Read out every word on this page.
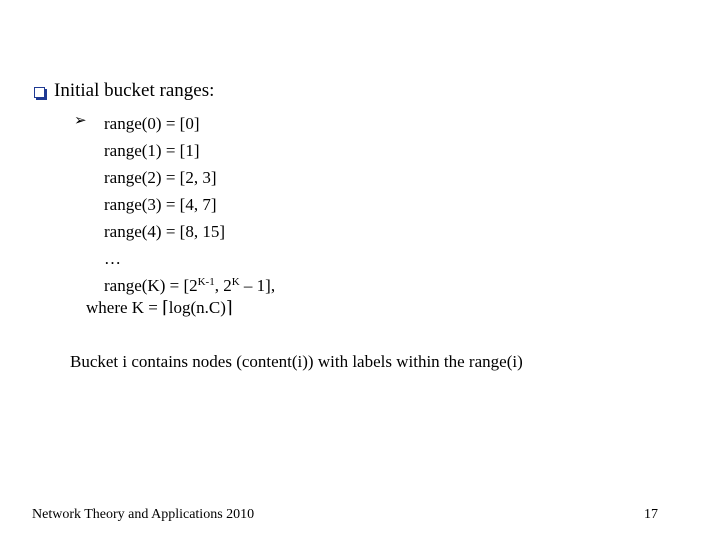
Initial bucket ranges:
➢ range(0) = [0]
range(1) = [1]
range(2) = [2, 3]
range(3) = [4, 7]
range(4) = [8, 15]
…
range(K) = [$2^{K-1}$, $2^K - 1$],
where K = ⌈log(n.C)⌉
Bucket i contains nodes (content(i)) with labels within the range(i)
Network Theory and Applications 2010	17
